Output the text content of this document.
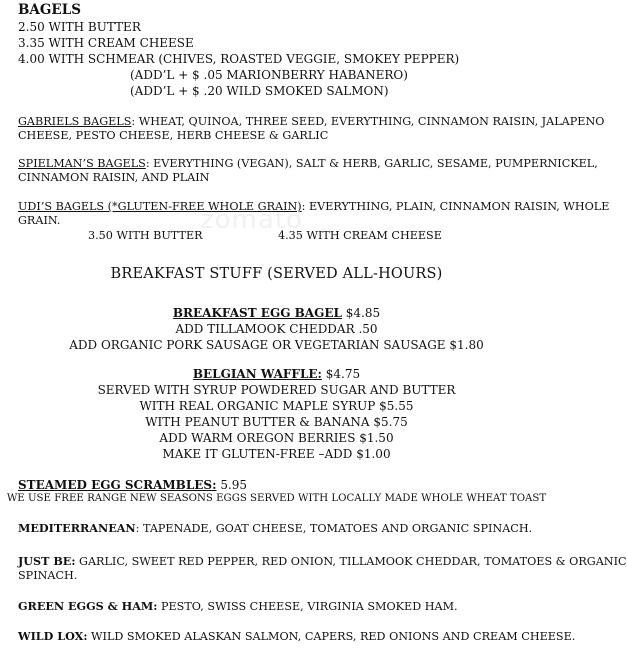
zomato
BAGELS
2.50 WITH BUTTER
3.35 WITH CREAM CHEESE
4.00 WITH SCHMEAR (CHIVES, ROASTED VEGGIE, SMOKEY PEPPER)
(ADD’L + $ .05 MARIONBERRY HABANERO)
(ADD’L + $ .20 WILD SMOKED SALMON)
GABRIELS BAGELS: WHEAT, QUINOA, THREE SEED, EVERYTHING, CINNAMON RAISIN, JALAPENO
CHEESE, PESTO CHEESE, HERB CHEESE & GARLIC
SPIELMAN’S BAGELS: EVERYTHING (VEGAN), SALT & HERB, GARLIC, SESAME, PUMPERNICKEL,
CINNAMON RAISIN, AND PLAIN
UDI’S BAGELS (*GLUTEN-FREE WHOLE GRAIN): EVERYTHING, PLAIN, CINNAMON RAISIN, WHOLE
GRAIN.
3.50 WITH BUTTER	4.35 WITH CREAM CHEESE
BREAKFAST STUFF (SERVED ALL-HOURS)
BREAKFAST EGG BAGEL $4.85
ADD TILLAMOOK CHEDDAR .50
ADD ORGANIC PORK SAUSAGE OR VEGETARIAN SAUSAGE $1.80
BELGIAN WAFFLE: $4.75
SERVED WITH SYRUP POWDERED SUGAR AND BUTTER
WITH REAL ORGANIC MAPLE SYRUP $5.55
WITH PEANUT BUTTER & BANANA $5.75
ADD WARM OREGON BERRIES $1.50
MAKE IT GLUTEN-FREE –ADD $1.00
STEAMED EGG SCRAMBLES: 5.95
WE USE FREE RANGE NEW SEASONS EGGS SERVED WITH LOCALLY MADE WHOLE WHEAT TOAST
MEDITERRANEAN: TAPENADE, GOAT CHEESE, TOMATOES AND ORGANIC SPINACH.
JUST BE: GARLIC, SWEET RED PEPPER, RED ONION, TILLAMOOK CHEDDAR, TOMATOES & ORGANIC
SPINACH.
GREEN EGGS & HAM: PESTO, SWISS CHEESE, VIRGINIA SMOKED HAM.
WILD LOX: WILD SMOKED ALASKAN SALMON, CAPERS, RED ONIONS AND CREAM CHEESE.
